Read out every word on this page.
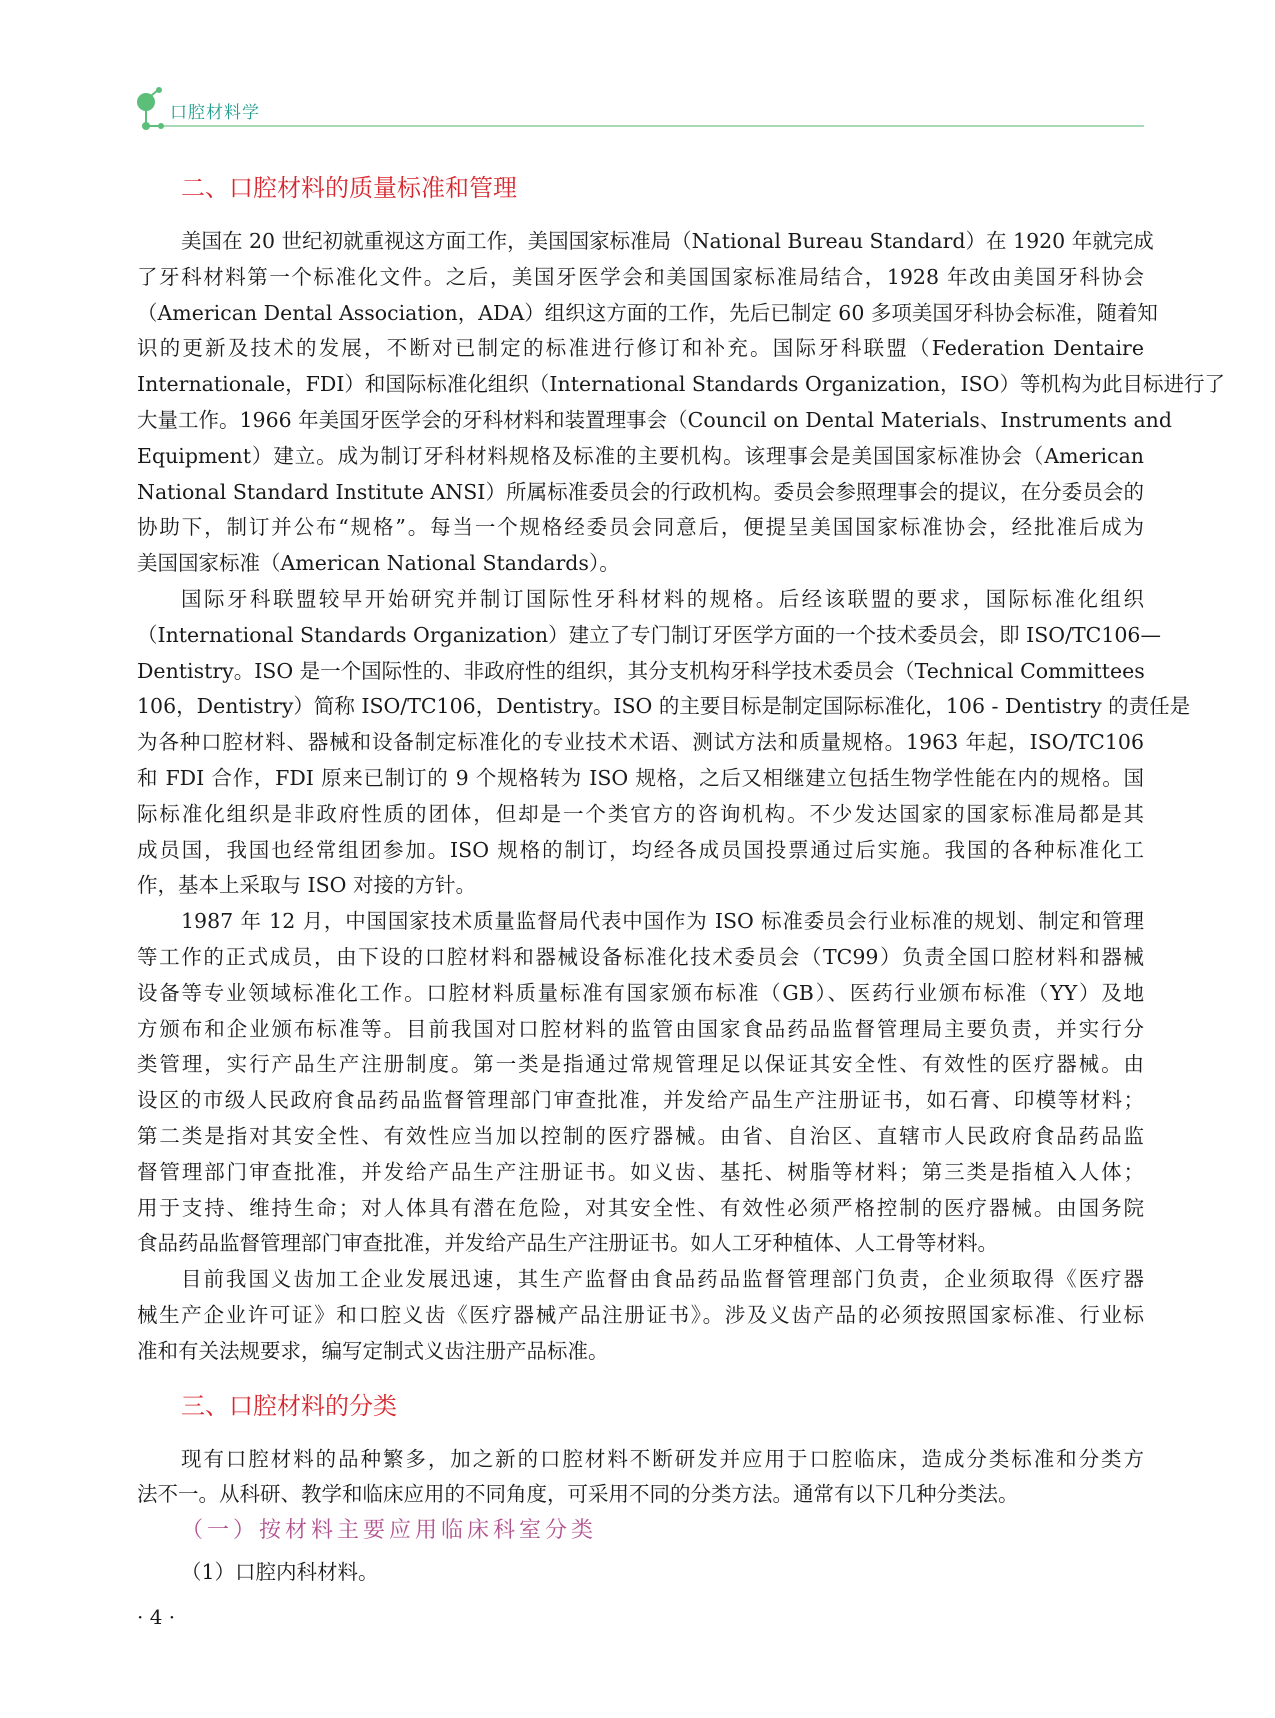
口腔材料学
二、口腔材料的质量标准和管理
美国在 20 世纪初就重视这方面工作，美国国家标准局（National Bureau Standard）在 1920 年就完成
了牙科材料第一个标准化文件。之后，美国牙医学会和美国国家标准局结合，1928 年改由美国牙科协会
（American Dental Association，ADA）组织这方面的工作，先后已制定 60 多项美国牙科协会标准，随着知
识的更新及技术的发展，不断对已制定的标准进行修订和补充。国际牙科联盟（Federation Dentaire
Internationale，FDI）和国际标准化组织（International Standards Organization，ISO）等机构为此目标进行了
大量工作。1966 年美国牙医学会的牙科材料和装置理事会（Council on Dental Materials、Instruments and
Equipment）建立。成为制订牙科材料规格及标准的主要机构。该理事会是美国国家标准协会（American
National Standard Institute ANSI）所属标准委员会的行政机构。委员会参照理事会的提议，在分委员会的
协助下，制订并公布“规格”。每当一个规格经委员会同意后，便提呈美国国家标准协会，经批准后成为
美国国家标准（American National Standards）。
国际牙科联盟较早开始研究并制订国际性牙科材料的规格。后经该联盟的要求，国际标准化组织
（International Standards Organization）建立了专门制订牙医学方面的一个技术委员会，即 ISO/TC106—
Dentistry。ISO 是一个国际性的、非政府性的组织，其分支机构牙科学技术委员会（Technical Committees
106，Dentistry）简称 ISO/TC106，Dentistry。ISO 的主要目标是制定国际标准化，106 - Dentistry 的责任是
为各种口腔材料、器械和设备制定标准化的专业技术术语、测试方法和质量规格。1963 年起，ISO/TC106
和 FDI 合作，FDI 原来已制订的 9 个规格转为 ISO 规格，之后又相继建立包括生物学性能在内的规格。国
际标准化组织是非政府性质的团体，但却是一个类官方的咨询机构。不少发达国家的国家标准局都是其
成员国，我国也经常组团参加。ISO 规格的制订，均经各成员国投票通过后实施。我国的各种标准化工
作，基本上采取与 ISO 对接的方针。
1987 年 12 月，中国国家技术质量监督局代表中国作为 ISO 标准委员会行业标准的规划、制定和管理
等工作的正式成员，由下设的口腔材料和器械设备标准化技术委员会（TC99）负责全国口腔材料和器械
设备等专业领域标准化工作。口腔材料质量标准有国家颁布标准（GB）、医药行业颁布标准（YY）及地
方颁布和企业颁布标准等。目前我国对口腔材料的监管由国家食品药品监督管理局主要负责，并实行分
类管理，实行产品生产注册制度。第一类是指通过常规管理足以保证其安全性、有效性的医疗器械。由
设区的市级人民政府食品药品监督管理部门审查批准，并发给产品生产注册证书，如石膏、印模等材料；
第二类是指对其安全性、有效性应当加以控制的医疗器械。由省、自治区、直辖市人民政府食品药品监
督管理部门审查批准，并发给产品生产注册证书。如义齿、基托、树脂等材料；第三类是指植入人体；
用于支持、维持生命；对人体具有潜在危险，对其安全性、有效性必须严格控制的医疗器械。由国务院
食品药品监督管理部门审查批准，并发给产品生产注册证书。如人工牙种植体、人工骨等材料。
目前我国义齿加工企业发展迅速，其生产监督由食品药品监督管理部门负责，企业须取得《医疗器
械生产企业许可证》和口腔义齿《医疗器械产品注册证书》。涉及义齿产品的必须按照国家标准、行业标
准和有关法规要求，编写定制式义齿注册产品标准。
三、口腔材料的分类
现有口腔材料的品种繁多，加之新的口腔材料不断研发并应用于口腔临床，造成分类标准和分类方
法不一。从科研、教学和临床应用的不同角度，可采用不同的分类方法。通常有以下几种分类法。
（一）按材料主要应用临床科室分类
（1）口腔内科材料。
· 4 ·
